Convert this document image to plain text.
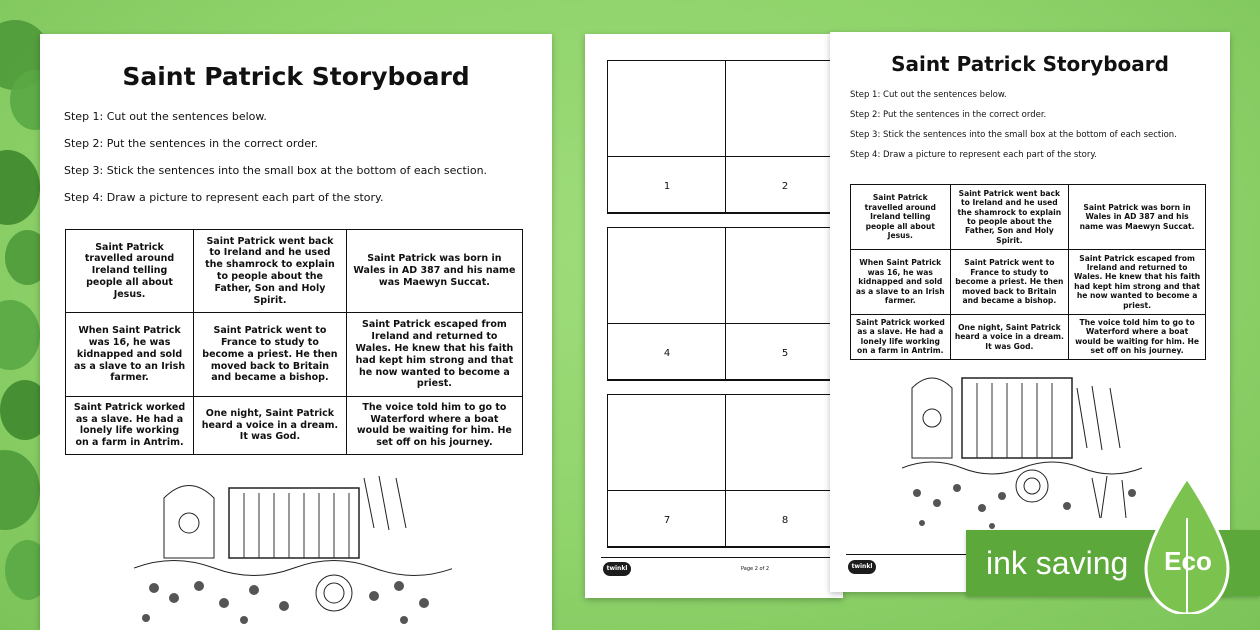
Saint Patrick Storyboard

Step 1: Cut out the sentences below.

Step 2: Put the sentences in the correct order.

Step 3: Stick the sentences into the small box at the bottom of each section.

Step 4: Draw a picture to represent each part of the story.

Saint Patrick travelled around Ireland telling people all about Jesus.	Saint Patrick went back to Ireland and he used the shamrock to explain to people about the Father, Son and Holy Spirit.	Saint Patrick was born in Wales in AD 387 and his name was Maewyn Succat.
When Saint Patrick was 16, he was kidnapped and sold as a slave to an Irish farmer.	Saint Patrick went to France to study to become a priest. He then moved back to Britain and became a bishop.	Saint Patrick escaped from Ireland and returned to Wales. He knew that his faith had kept him strong and that he now wanted to become a priest.
Saint Patrick worked as a slave. He had a lonely life working on a farm in Antrim.	One night, Saint Patrick heard a voice in a dream. It was God.	The voice told him to go to Waterford where a boat would be waiting for him. He set off on his journey.
1	2
4	5
7	8
twinkl	Page 2 of 2
Saint Patrick Storyboard

Step 1: Cut out the sentences below.

Step 2: Put the sentences in the correct order.

Step 3: Stick the sentences into the small box at the bottom of each section.

Step 4: Draw a picture to represent each part of the story.

Saint Patrick travelled around Ireland telling people all about Jesus.	Saint Patrick went back to Ireland and he used the shamrock to explain to people about the Father, Son and Holy Spirit.	Saint Patrick was born in Wales in AD 387 and his name was Maewyn Succat.
When Saint Patrick was 16, he was kidnapped and sold as a slave to an Irish farmer.	Saint Patrick went to France to study to become a priest. He then moved back to Britain and became a bishop.	Saint Patrick escaped from Ireland and returned to Wales. He knew that his faith had kept him strong and that he now wanted to become a priest.
Saint Patrick worked as a slave. He had a lonely life working on a farm in Antrim.	One night, Saint Patrick heard a voice in a dream. It was God.	The voice told him to go to Waterford where a boat would be waiting for him. He set off on his journey.
twinkl	ink saving Eco
